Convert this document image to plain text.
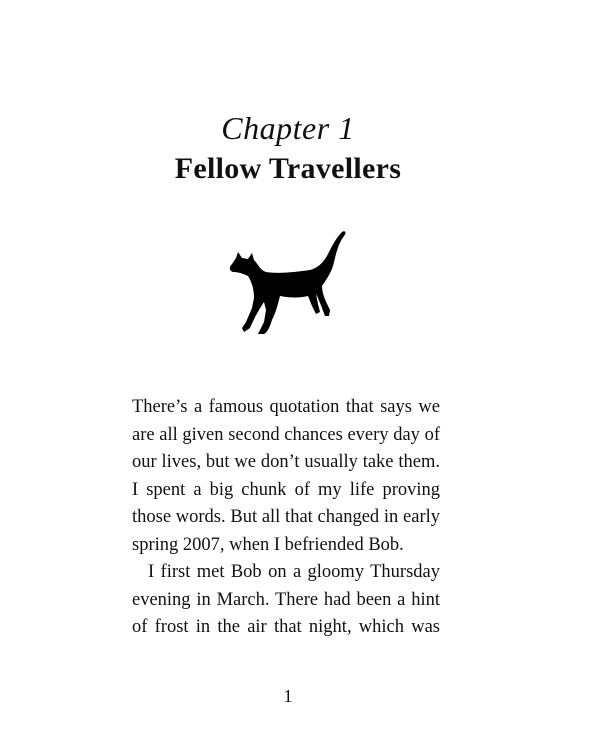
Chapter 1
Fellow Travellers
There’s a famous quotation that says we
are all given second chances every day of
our lives, but we don’t usually take them.
I spent a big chunk of my life proving
those words. But all that changed in early
spring 2007, when I befriended Bob.
I first met Bob on a gloomy Thursday
evening in March. There had been a hint
of frost in the air that night, which was
1
